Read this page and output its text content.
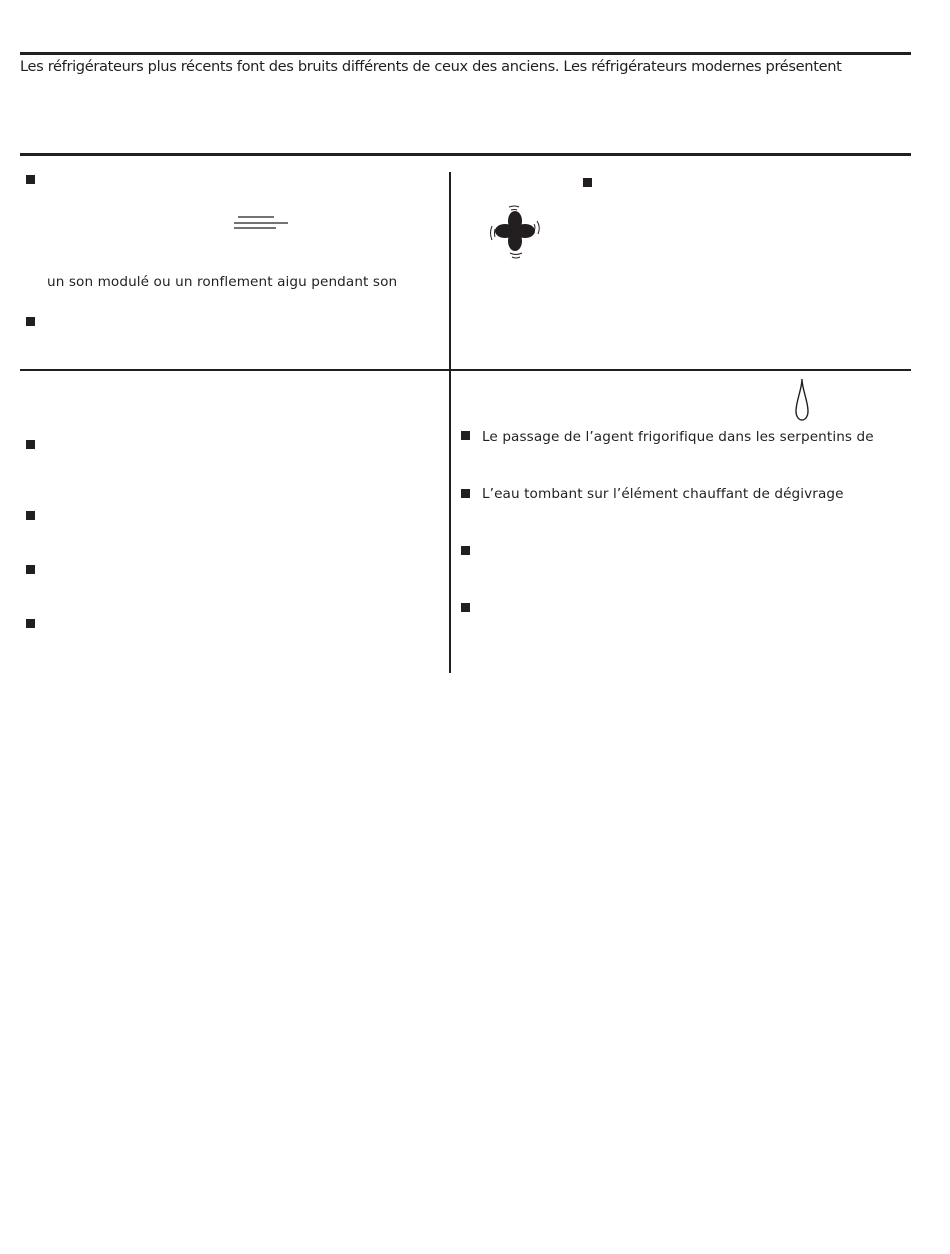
Les réfrigérateurs plus récents font des bruits différents de ceux des anciens. Les réfrigérateurs modernes présentent
un son modulé ou un ronflement aigu pendant son
Le passage de l’agent frigorifique dans les serpentins de
L’eau tombant sur l’élément chauffant de dégivrage
